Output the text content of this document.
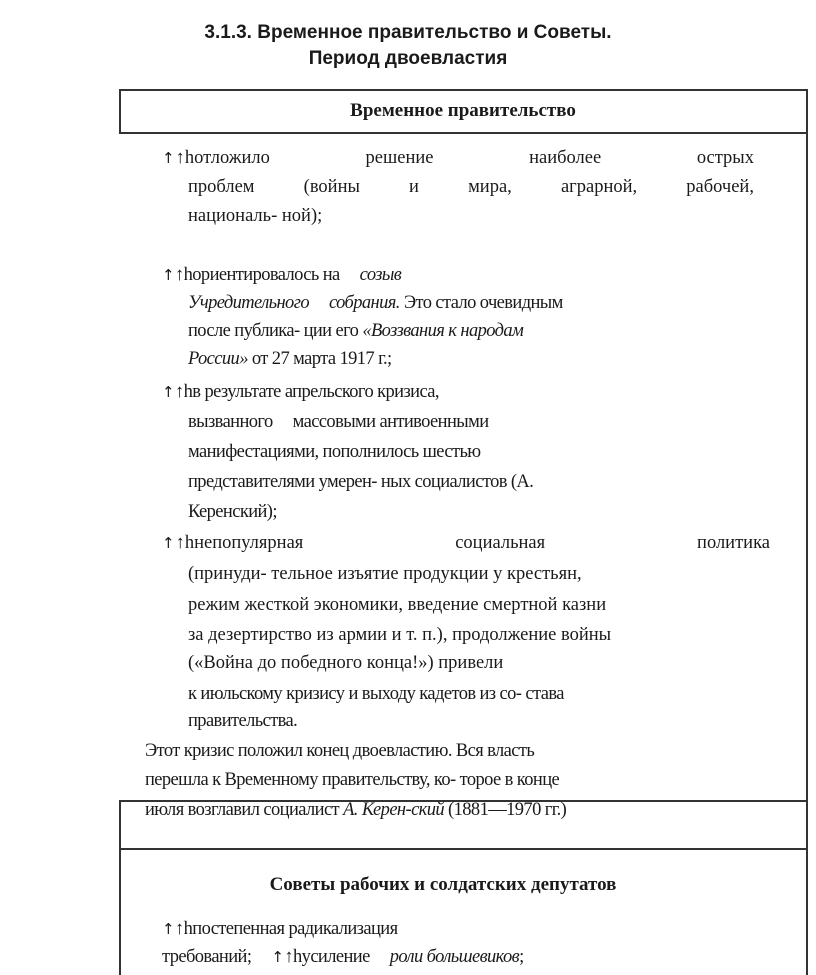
3.1.3. Временное правительство и Советы.
Период двоевластия
Временное правительство
↑↑hотложило	решение	наиболее	острых
проблем	(войны	и	мира,	аграрной,	рабочей,
националь- ной);
↑↑hориентировалось на созыв
Учредительного собрания. Это стало очевидным
после публика- ции его «Воззвания к народам
России» от 27 марта 1917 г.;
↑↑hв результате апрельского кризиса,
вызванного массовыми антивоенными
манифестациями, пополнилось шестью
представителями умерен- ных социалистов (А.
Керенский);
↑↑hнепопулярная	социальная	политика
(принуди- тельное изъятие продукции у крестьян,
режим жесткой экономики, введение смертной казни
за дезертирство из армии и т. п.), продолжение войны
(«Война до победного конца!») привели
к июльскому кризису и выходу кадетов из со- става
правительства.
Этот кризис положил конец двоевластию. Вся власть
перешла к Временному правительству, ко- торое в конце
июля возглавил социалист А. Керен-ский (1881—1970 гг.)
Советы рабочих и солдатских депутатов
↑↑hпостепенная радикализация
требований; ↑↑hусиление роли большевиков;
